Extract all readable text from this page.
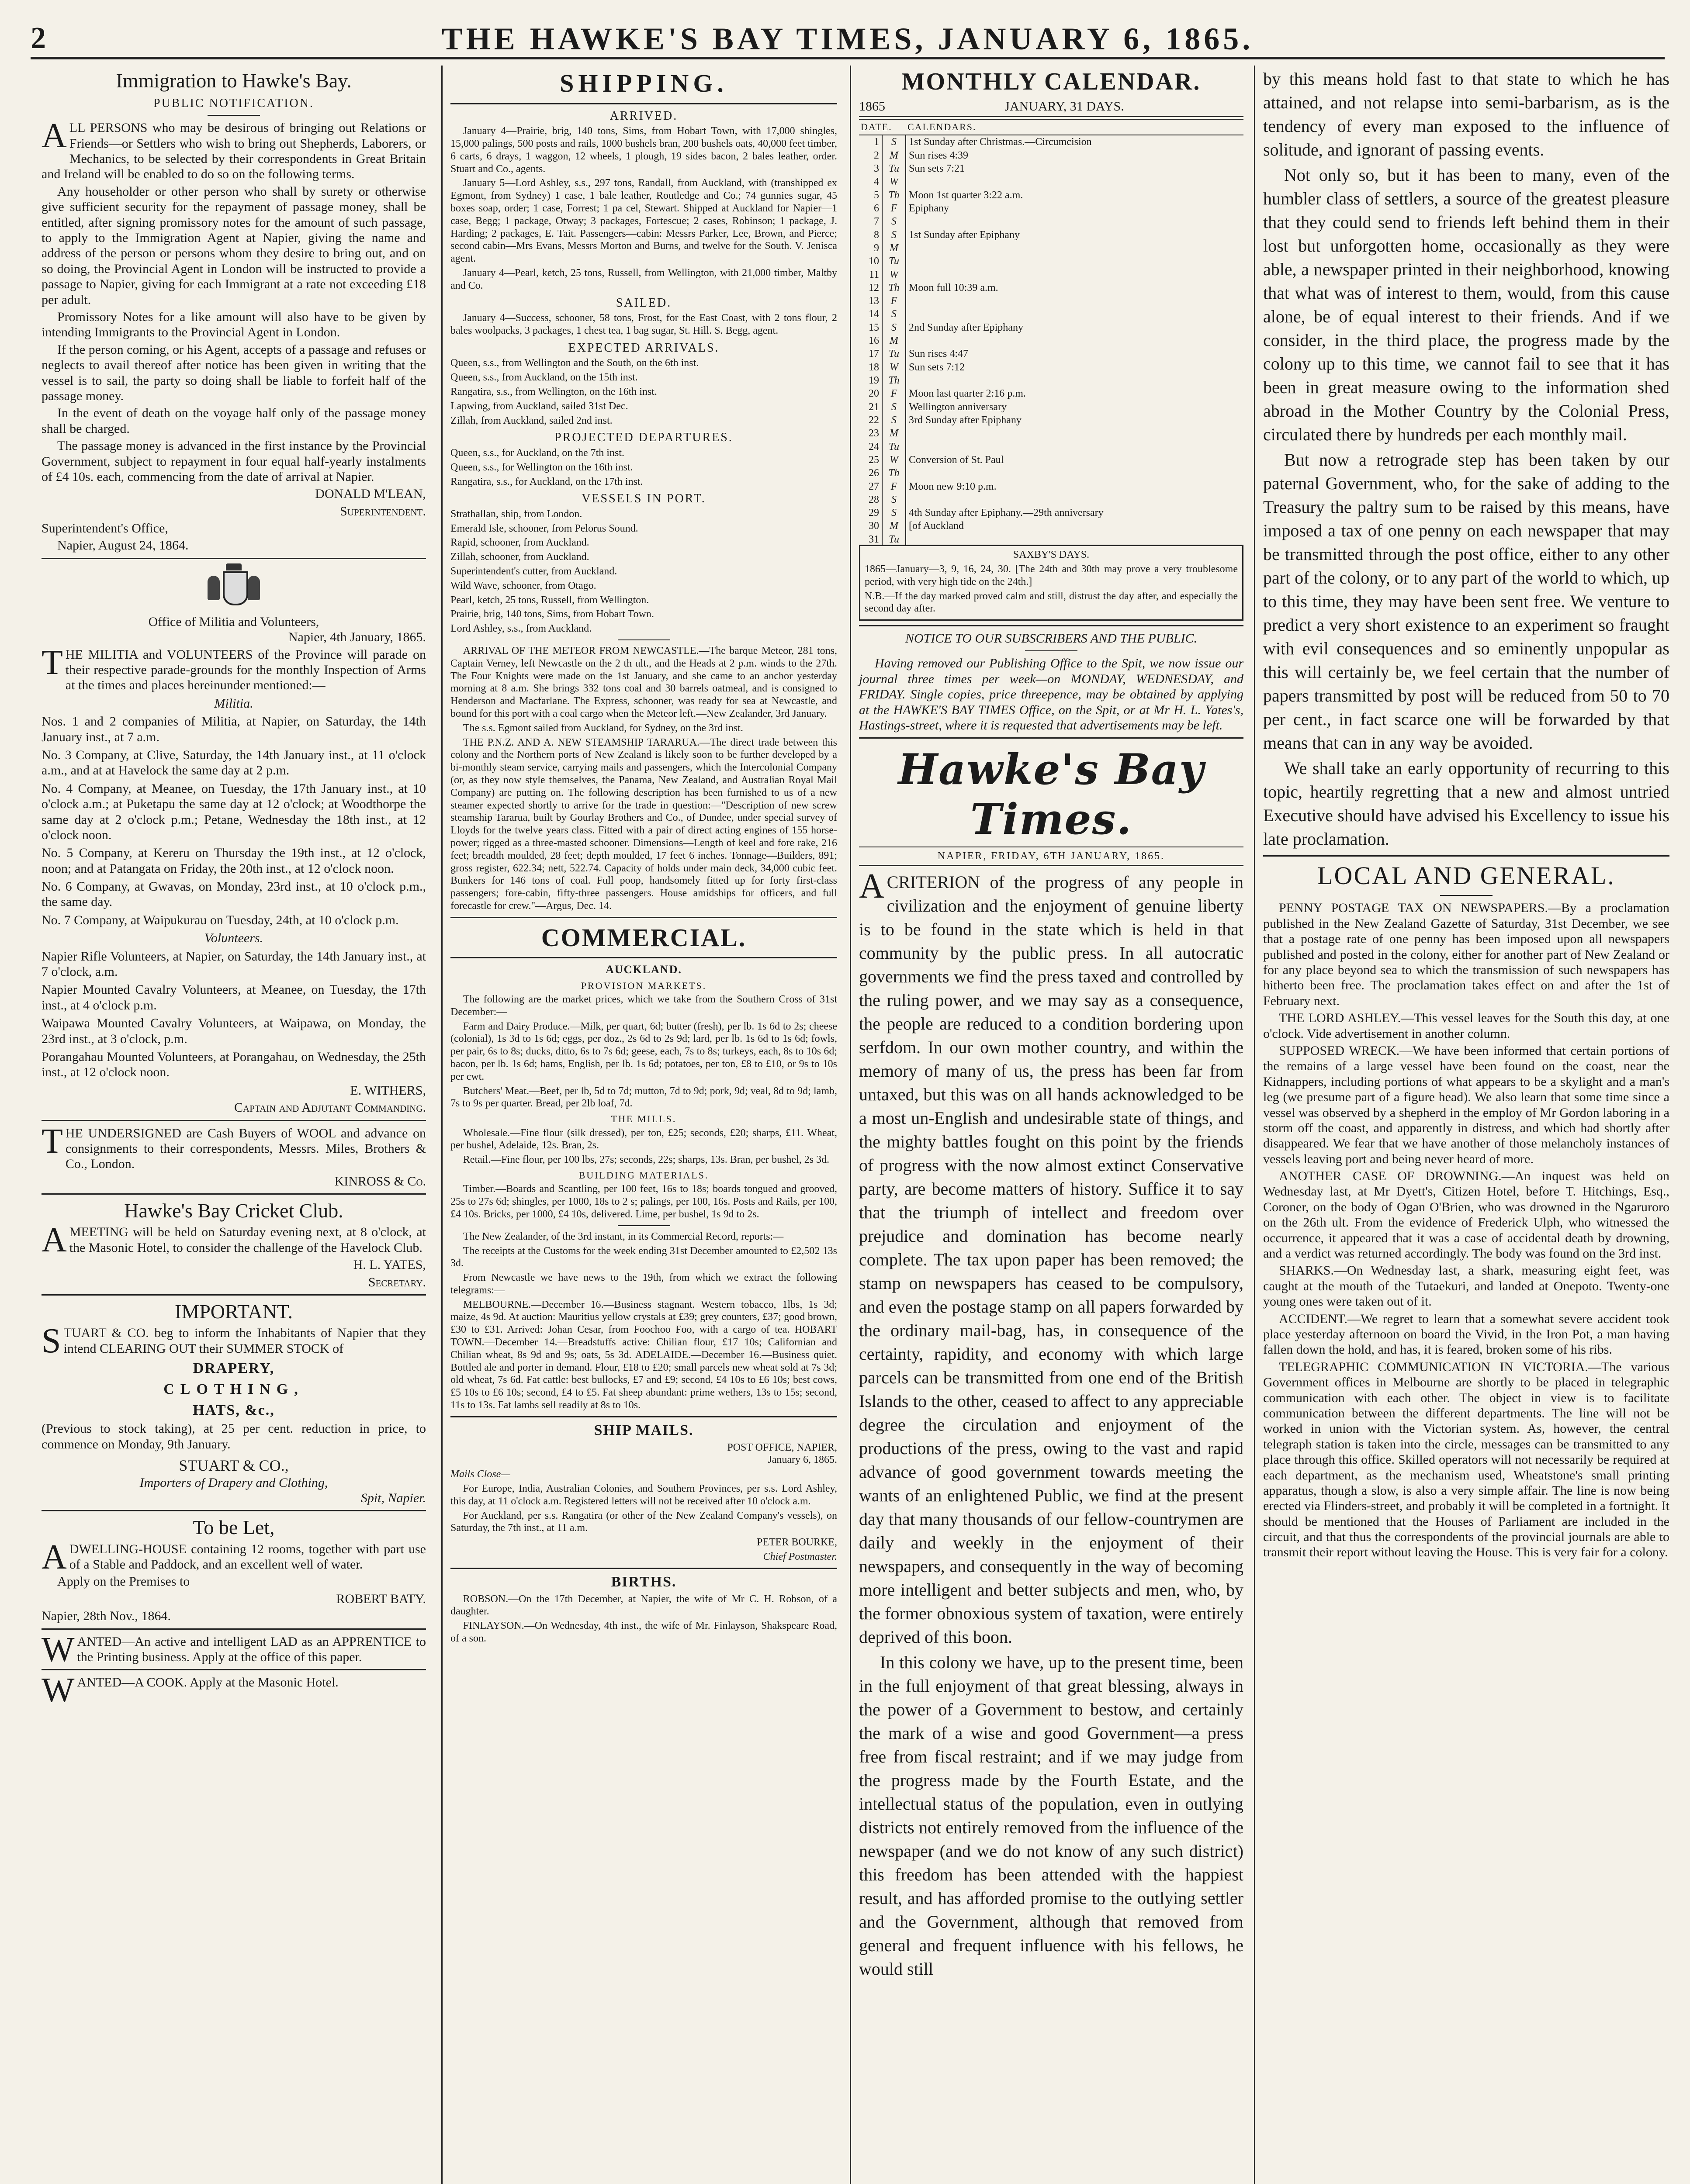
2	THE HAWKE'S BAY TIMES, JANUARY 6, 1865.
Immigration to Hawke's Bay.
PUBLIC NOTIFICATION.

ALL PERSONS who may be desirous of bringing out Relations or Friends—or Settlers who wish to bring out Shepherds, Laborers, or Mechanics, to be selected by their correspondents in Great Britain and Ireland will be enabled to do so on the following terms.

Any householder or other person who shall by surety or otherwise give sufficient security for the repayment of passage money, shall be entitled, after signing promissory notes for the amount of such passage, to apply to the Immigration Agent at Napier, giving the name and address of the person or persons whom they desire to bring out, and on so doing, the Provincial Agent in London will be instructed to provide a passage to Napier, giving for each Immigrant at a rate not exceeding £18 per adult.

Promissory Notes for a like amount will also have to be given by intending Immigrants to the Provincial Agent in London.

If the person coming, or his Agent, accepts of a passage and refuses or neglects to avail thereof after notice has been given in writing that the vessel is to sail, the party so doing shall be liable to forfeit half of the passage money.

In the event of death on the voyage half only of the passage money shall be charged.

The passage money is advanced in the first instance by the Provincial Government, subject to repayment in four equal half-yearly instalments of £4 10s. each, commencing from the date of arrival at Napier.

DONALD M'LEAN,
Superintendent.

Superintendent's Office,

Napier, August 24, 1864.

Office of Militia and Volunteers,
Napier, 4th January, 1865.

THE MILITIA and VOLUNTEERS of the Province will parade on their respective parade-grounds for the monthly Inspection of Arms at the times and places hereinunder mentioned:—

Militia.

Nos. 1 and 2 companies of Militia, at Napier, on Saturday, the 14th January inst., at 7 a.m.

No. 3 Company, at Clive, Saturday, the 14th January inst., at 11 o'clock a.m., and at at Havelock the same day at 2 p.m.

No. 4 Company, at Meanee, on Tuesday, the 17th January inst., at 10 o'clock a.m.; at Puketapu the same day at 12 o'clock; at Woodthorpe the same day at 2 o'clock p.m.; Petane, Wednesday the 18th inst., at 12 o'clock noon.

No. 5 Company, at Kereru on Thursday the 19th inst., at 12 o'clock, noon; and at Patangata on Friday, the 20th inst., at 12 o'clock noon.

No. 6 Company, at Gwavas, on Monday, 23rd inst., at 10 o'clock p.m., the same day.

No. 7 Company, at Waipukurau on Tuesday, 24th, at 10 o'clock p.m.

Volunteers.

Napier Rifle Volunteers, at Napier, on Saturday, the 14th January inst., at 7 o'clock, a.m.

Napier Mounted Cavalry Volunteers, at Meanee, on Tuesday, the 17th inst., at 4 o'clock p.m.

Waipawa Mounted Cavalry Volunteers, at Waipawa, on Monday, the 23rd inst., at 3 o'clock, p.m.

Porangahau Mounted Volunteers, at Porangahau, on Wednesday, the 25th inst., at 12 o'clock noon.

E. WITHERS,
Captain and Adjutant Commanding.

THE UNDERSIGNED are Cash Buyers of WOOL and advance on consignments to their correspondents, Messrs. Miles, Brothers & Co., London.

KINROSS & Co.
Hawke's Bay Cricket Club.

AMEETING will be held on Saturday evening next, at 8 o'clock, at the Masonic Hotel, to consider the challenge of the Havelock Club.

H. L. YATES,
Secretary.
IMPORTANT.

STUART & CO. beg to inform the Inhabitants of Napier that they intend CLEARING OUT their SUMMER STOCK of

DRAPERY,
CLOTHING,
HATS, &c.,

(Previous to stock taking), at 25 per cent. reduction in price, to commence on Monday, 9th January.

STUART & CO.,
Importers of Drapery and Clothing,
Spit, Napier.
To be Let,

ADWELLING-HOUSE containing 12 rooms, together with part use of a Stable and Paddock, and an excellent well of water.

Apply on the Premises to

ROBERT BATY.

Napier, 28th Nov., 1864.

WANTED—An active and intelligent LAD as an APPRENTICE to the Printing business. Apply at the office of this paper.

WANTED—A COOK. Apply at the Masonic Hotel.

SHIPPING.
ARRIVED.

January 4—Prairie, brig, 140 tons, Sims, from Hobart Town, with 17,000 shingles, 15,000 palings, 500 posts and rails, 1000 bushels bran, 200 bushels oats, 40,000 feet timber, 6 carts, 6 drays, 1 waggon, 12 wheels, 1 plough, 19 sides bacon, 2 bales leather, order. Stuart and Co., agents.

January 5—Lord Ashley, s.s., 297 tons, Randall, from Auckland, with (transhipped ex Egmont, from Sydney) 1 case, 1 bale leather, Routledge and Co.; 74 gunnies sugar, 45 boxes soap, order; 1 case, Forrest; 1 pa cel, Stewart. Shipped at Auckland for Napier—1 case, Begg; 1 package, Otway; 3 packages, Fortescue; 2 cases, Robinson; 1 package, J. Harding; 2 packages, E. Tait. Passengers—cabin: Messrs Parker, Lee, Brown, and Pierce; second cabin—Mrs Evans, Messrs Morton and Burns, and twelve for the South. V. Jenisca agent.

January 4—Pearl, ketch, 25 tons, Russell, from Wellington, with 21,000 timber, Maltby and Co.

SAILED.

January 4—Success, schooner, 58 tons, Frost, for the East Coast, with 2 tons flour, 2 bales woolpacks, 3 packages, 1 chest tea, 1 bag sugar, St. Hill. S. Begg, agent.

EXPECTED ARRIVALS.

Queen, s.s., from Wellington and the South, on the 6th inst.

Queen, s.s., from Auckland, on the 15th inst.

Rangatira, s.s., from Wellington, on the 16th inst.

Lapwing, from Auckland, sailed 31st Dec.

Zillah, from Auckland, sailed 2nd inst.

PROJECTED DEPARTURES.

Queen, s.s., for Auckland, on the 7th inst.

Queen, s.s., for Wellington on the 16th inst.

Rangatira, s.s., for Auckland, on the 17th inst.

VESSELS IN PORT.

Strathallan, ship, from London.

Emerald Isle, schooner, from Pelorus Sound.

Rapid, schooner, from Auckland.

Zillah, schooner, from Auckland.

Superintendent's cutter, from Auckland.

Wild Wave, schooner, from Otago.

Pearl, ketch, 25 tons, Russell, from Wellington.

Prairie, brig, 140 tons, Sims, from Hobart Town.

Lord Ashley, s.s., from Auckland.

ARRIVAL OF THE METEOR FROM NEWCASTLE.—The barque Meteor, 281 tons, Captain Verney, left Newcastle on the 2 th ult., and the Heads at 2 p.m. winds to the 27th. The Four Knights were made on the 1st January, and she came to an anchor yesterday morning at 8 a.m. She brings 332 tons coal and 30 barrels oatmeal, and is consigned to Henderson and Macfarlane. The Express, schooner, was ready for sea at Newcastle, and bound for this port with a coal cargo when the Meteor left.—New Zealander, 3rd January.

The s.s. Egmont sailed from Auckland, for Sydney, on the 3rd inst.

THE P.N.Z. AND A. NEW STEAMSHIP TARARUA.—The direct trade between this colony and the Northern ports of New Zealand is likely soon to be further developed by a bi-monthly steam service, carrying mails and passengers, which the Intercolonial Company (or, as they now style themselves, the Panama, New Zealand, and Australian Royal Mail Company) are putting on. The following description has been furnished to us of a new steamer expected shortly to arrive for the trade in question:—"Description of new screw steamship Tararua, built by Gourlay Brothers and Co., of Dundee, under special survey of Lloyds for the twelve years class. Fitted with a pair of direct acting engines of 155 horse-power; rigged as a three-masted schooner. Dimensions—Length of keel and fore rake, 216 feet; breadth moulded, 28 feet; depth moulded, 17 feet 6 inches. Tonnage—Builders, 891; gross register, 622.34; nett, 522.74. Capacity of holds under main deck, 34,000 cubic feet. Bunkers for 146 tons of coal. Full poop, handsomely fitted up for forty first-class passengers; fore-cabin, fifty-three passengers. House amidships for officers, and full forecastle for crew."—Argus, Dec. 14.

COMMERCIAL.
AUCKLAND.
PROVISION MARKETS.

The following are the market prices, which we take from the Southern Cross of 31st December:—

Farm and Dairy Produce.—Milk, per quart, 6d; butter (fresh), per lb. 1s 6d to 2s; cheese (colonial), 1s 3d to 1s 6d; eggs, per doz., 2s 6d to 2s 9d; lard, per lb. 1s 6d to 1s 6d; fowls, per pair, 6s to 8s; ducks, ditto, 6s to 7s 6d; geese, each, 7s to 8s; turkeys, each, 8s to 10s 6d; bacon, per lb. 1s 6d; hams, English, per lb. 1s 6d; potatoes, per ton, £8 to £10, or 9s to 10s per cwt.

Butchers' Meat.—Beef, per lb, 5d to 7d; mutton, 7d to 9d; pork, 9d; veal, 8d to 9d; lamb, 7s to 9s per quarter. Bread, per 2lb loaf, 7d.

THE MILLS.

Wholesale.—Fine flour (silk dressed), per ton, £25; seconds, £20; sharps, £11. Wheat, per bushel, Adelaide, 12s. Bran, 2s.

Retail.—Fine flour, per 100 lbs, 27s; seconds, 22s; sharps, 13s. Bran, per bushel, 2s 3d.

BUILDING MATERIALS.

Timber.—Boards and Scantling, per 100 feet, 16s to 18s; boards tongued and grooved, 25s to 27s 6d; shingles, per 1000, 18s to 2 s; palings, per 100, 16s. Posts and Rails, per 100, £4 10s. Bricks, per 1000, £4 10s, delivered. Lime, per bushel, 1s 9d to 2s.

The New Zealander, of the 3rd instant, in its Commercial Record, reports:—

The receipts at the Customs for the week ending 31st December amounted to £2,502 13s 3d.

From Newcastle we have news to the 19th, from which we extract the following telegrams:—

MELBOURNE.—December 16.—Business stagnant. Western tobacco, 1lbs, 1s 3d; maize, 4s 9d. At auction: Mauritius yellow crystals at £39; grey counters, £37; good brown, £30 to £31. Arrived: Johan Cesar, from Foochoo Foo, with a cargo of tea. HOBART TOWN.—December 14.—Breadstuffs active: Chilian flour, £17 10s; Californian and Chilian wheat, 8s 9d and 9s; oats, 5s 3d. ADELAIDE.—December 16.—Business quiet. Bottled ale and porter in demand. Flour, £18 to £20; small parcels new wheat sold at 7s 3d; old wheat, 7s 6d. Fat cattle: best bullocks, £7 and £9; second, £4 10s to £6 10s; best cows, £5 10s to £6 10s; second, £4 to £5. Fat sheep abundant: prime wethers, 13s to 15s; second, 11s to 13s. Fat lambs sell readily at 8s to 10s.

SHIP MAILS.
POST OFFICE, NAPIER,
January 6, 1865.

Mails Close—

For Europe, India, Australian Colonies, and Southern Provinces, per s.s. Lord Ashley, this day, at 11 o'clock a.m. Registered letters will not be received after 10 o'clock a.m.

For Auckland, per s.s. Rangatira (or other of the New Zealand Company's vessels), on Saturday, the 7th inst., at 11 a.m.

PETER BOURKE,
Chief Postmaster.
BIRTHS.

ROBSON.—On the 17th December, at Napier, the wife of Mr C. H. Robson, of a daughter.

FINLAYSON.—On Wednesday, 4th inst., the wife of Mr. Finlayson, Shakspeare Road, of a son.

MONTHLY CALENDAR.
1865	JANUARY, 31 DAYS.
DATE.		CALENDARS.
1	S	1st Sunday after Christmas.—Circumcision
2	M	Sun rises 4:39
3	Tu	Sun sets 7:21
4	W	
5	Th	Moon 1st quarter 3:22 a.m.
6	F	Epiphany
7	S	
8	S	1st Sunday after Epiphany
9	M	
10	Tu	
11	W	
12	Th	Moon full 10:39 a.m.
13	F	
14	S	
15	S	2nd Sunday after Epiphany
16	M	
17	Tu	Sun rises 4:47
18	W	Sun sets 7:12
19	Th	
20	F	Moon last quarter 2:16 p.m.
21	S	Wellington anniversary
22	S	3rd Sunday after Epiphany
23	M	
24	Tu	
25	W	Conversion of St. Paul
26	Th	
27	F	Moon new 9:10 p.m.
28	S	
29	S	4th Sunday after Epiphany.—29th anniversary
30	M	[of Auckland
31	Tu	
SAXBY'S DAYS.

1865—January—3, 9, 16, 24, 30. [The 24th and 30th may prove a very troublesome period, with very high tide on the 24th.]

N.B.—If the day marked proved calm and still, distrust the day after, and especially the second day after.

NOTICE TO OUR SUBSCRIBERS AND THE PUBLIC.

Having removed our Publishing Office to the Spit, we now issue our journal three times per week—on MONDAY, WEDNESDAY, and FRIDAY. Single copies, price threepence, may be obtained by applying at the HAWKE'S BAY TIMES Office, on the Spit, or at Mr H. L. Yates's, Hastings-street, where it is requested that advertisements may be left.

Hawke's Bay Times.
NAPIER, FRIDAY, 6TH JANUARY, 1865.

ACRITERION of the progress of any people in civilization and the enjoyment of genuine liberty is to be found in the state which is held in that community by the public press. In all autocratic governments we find the press taxed and controlled by the ruling power, and we may say as a consequence, the people are reduced to a condition bordering upon serfdom. In our own mother country, and within the memory of many of us, the press has been far from untaxed, but this was on all hands acknowledged to be a most un-English and undesirable state of things, and the mighty battles fought on this point by the friends of progress with the now almost extinct Conservative party, are become matters of history. Suffice it to say that the triumph of intellect and freedom over prejudice and domination has become nearly complete. The tax upon paper has been removed; the stamp on newspapers has ceased to be compulsory, and even the postage stamp on all papers forwarded by the ordinary mail-bag, has, in consequence of the certainty, rapidity, and economy with which large parcels can be transmitted from one end of the British Islands to the other, ceased to affect to any appreciable degree the circulation and enjoyment of the productions of the press, owing to the vast and rapid advance of good government towards meeting the wants of an enlightened Public, we find at the present day that many thousands of our fellow-countrymen are daily and weekly in the enjoyment of their newspapers, and consequently in the way of becoming more intelligent and better subjects and men, who, by the former obnoxious system of taxation, were entirely deprived of this boon.

In this colony we have, up to the present time, been in the full enjoyment of that great blessing, always in the power of a Government to bestow, and certainly the mark of a wise and good Government—a press free from fiscal restraint; and if we may judge from the progress made by the Fourth Estate, and the intellectual status of the population, even in outlying districts not entirely removed from the influence of the newspaper (and we do not know of any such district) this freedom has been attended with the happiest result, and has afforded promise to the outlying settler and the Government, although that removed from general and frequent influence with his fellows, he would still

by this means hold fast to that state to which he has attained, and not relapse into semi-barbarism, as is the tendency of every man exposed to the influence of solitude, and ignorant of passing events.

Not only so, but it has been to many, even of the humbler class of settlers, a source of the greatest pleasure that they could send to friends left behind them in their lost but unforgotten home, occasionally as they were able, a newspaper printed in their neighborhood, knowing that what was of interest to them, would, from this cause alone, be of equal interest to their friends. And if we consider, in the third place, the progress made by the colony up to this time, we cannot fail to see that it has been in great measure owing to the information shed abroad in the Mother Country by the Colonial Press, circulated there by hundreds per each monthly mail.

But now a retrograde step has been taken by our paternal Government, who, for the sake of adding to the Treasury the paltry sum to be raised by this means, have imposed a tax of one penny on each newspaper that may be transmitted through the post office, either to any other part of the colony, or to any part of the world to which, up to this time, they may have been sent free. We venture to predict a very short existence to an experiment so fraught with evil consequences and so eminently unpopular as this will certainly be, we feel certain that the number of papers transmitted by post will be reduced from 50 to 70 per cent., in fact scarce one will be forwarded by that means that can in any way be avoided.

We shall take an early opportunity of recurring to this topic, heartily regretting that a new and almost untried Executive should have advised his Excellency to issue his late proclamation.

LOCAL AND GENERAL.

PENNY POSTAGE TAX ON NEWSPAPERS.—By a proclamation published in the New Zealand Gazette of Saturday, 31st December, we see that a postage rate of one penny has been imposed upon all newspapers published and posted in the colony, either for another part of New Zealand or for any place beyond sea to which the transmission of such newspapers has hitherto been free. The proclamation takes effect on and after the 1st of February next.

THE LORD ASHLEY.—This vessel leaves for the South this day, at one o'clock. Vide advertisement in another column.

SUPPOSED WRECK.—We have been informed that certain portions of the remains of a large vessel have been found on the coast, near the Kidnappers, including portions of what appears to be a skylight and a man's leg (we presume part of a figure head). We also learn that some time since a vessel was observed by a shepherd in the employ of Mr Gordon laboring in a storm off the coast, and apparently in distress, and which had shortly after disappeared. We fear that we have another of those melancholy instances of vessels leaving port and being never heard of more.

ANOTHER CASE OF DROWNING.—An inquest was held on Wednesday last, at Mr Dyett's, Citizen Hotel, before T. Hitchings, Esq., Coroner, on the body of Ogan O'Brien, who was drowned in the Ngaruroro on the 26th ult. From the evidence of Frederick Ulph, who witnessed the occurrence, it appeared that it was a case of accidental death by drowning, and a verdict was returned accordingly. The body was found on the 3rd inst.

SHARKS.—On Wednesday last, a shark, measuring eight feet, was caught at the mouth of the Tutaekuri, and landed at Onepoto. Twenty-one young ones were taken out of it.

ACCIDENT.—We regret to learn that a somewhat severe accident took place yesterday afternoon on board the Vivid, in the Iron Pot, a man having fallen down the hold, and has, it is feared, broken some of his ribs.

TELEGRAPHIC COMMUNICATION IN VICTORIA.—The various Government offices in Melbourne are shortly to be placed in telegraphic communication with each other. The object in view is to facilitate communication between the different departments. The line will not be worked in union with the Victorian system. As, however, the central telegraph station is taken into the circle, messages can be transmitted to any place through this office. Skilled operators will not necessarily be required at each department, as the mechanism used, Wheatstone's small printing apparatus, though a slow, is also a very simple affair. The line is now being erected via Flinders-street, and probably it will be completed in a fortnight. It should be mentioned that the Houses of Parliament are included in the circuit, and that thus the correspondents of the provincial journals are able to transmit their report without leaving the House. This is very fair for a colony.
